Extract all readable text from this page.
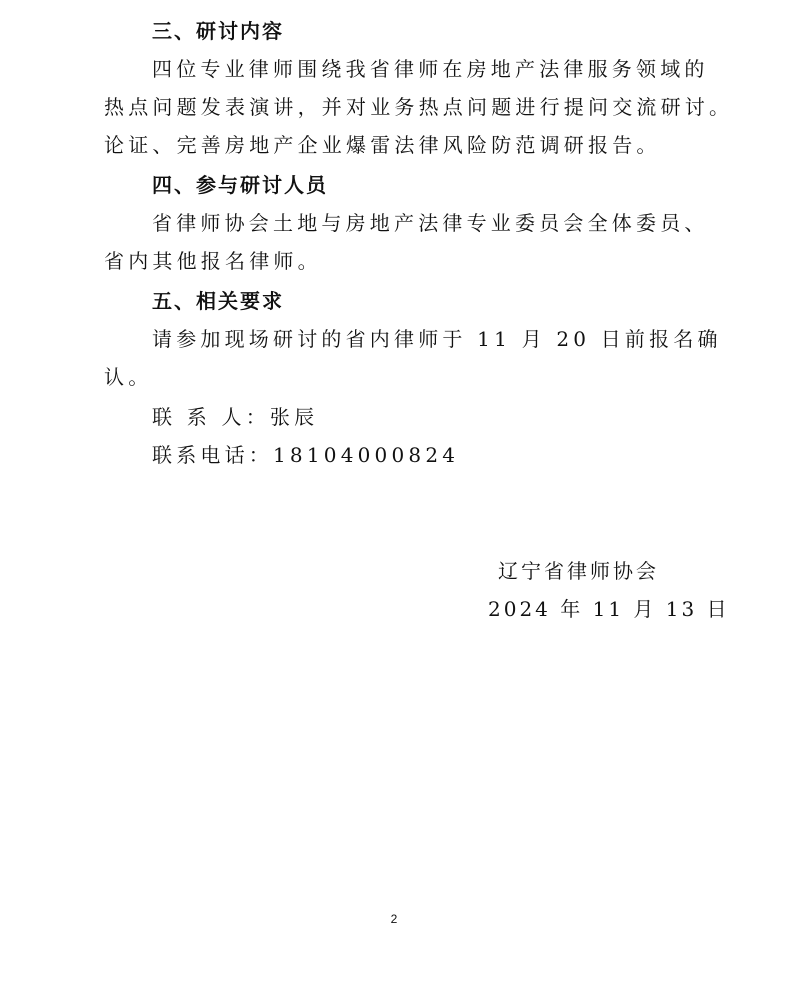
三、研讨内容
四位专业律师围绕我省律师在房地产法律服务领域的
热点问题发表演讲，并对业务热点问题进行提问交流研讨。
论证、完善房地产企业爆雷法律风险防范调研报告。
四、参与研讨人员
省律师协会土地与房地产法律专业委员会全体委员、
省内其他报名律师。
五、相关要求
请参加现场研讨的省内律师于 11 月 20 日前报名确
认。
联 系 人：张辰
联系电话：18104000824
辽宁省律师协会
2024 年 11 月 13 日
2
